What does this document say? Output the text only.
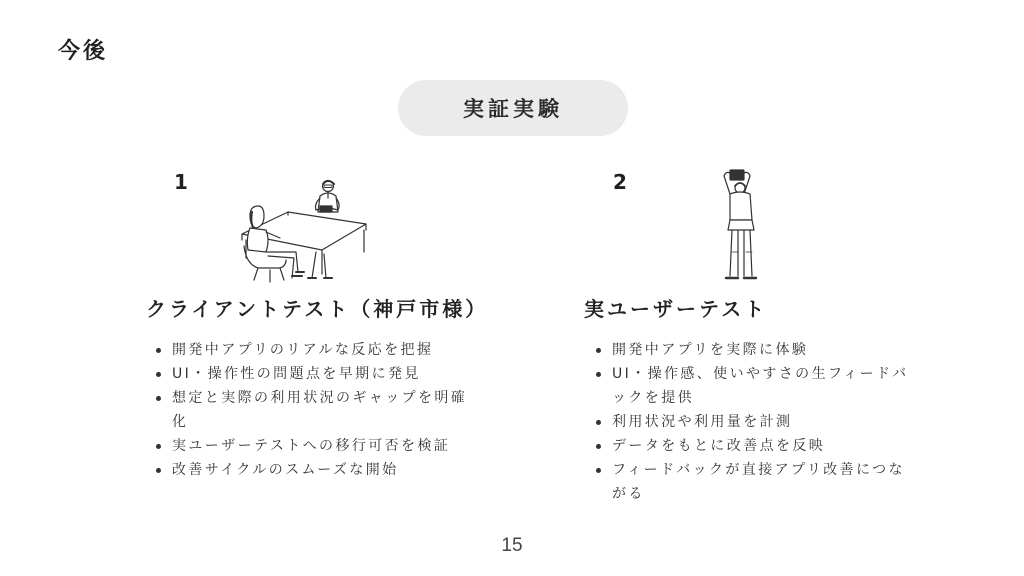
今後
実証実験
1
クライアントテスト（神戸市様）
開発中アプリのリアルな反応を把握
UI・操作性の問題点を早期に発見
想定と実際の利用状況のギャップを明確化
実ユーザーテストへの移行可否を検証
改善サイクルのスムーズな開始
2
実ユーザーテスト
開発中アプリを実際に体験
UI・操作感、使いやすさの生フィードバックを提供
利用状況や利用量を計測
データをもとに改善点を反映
フィードバックが直接アプリ改善につながる
15
